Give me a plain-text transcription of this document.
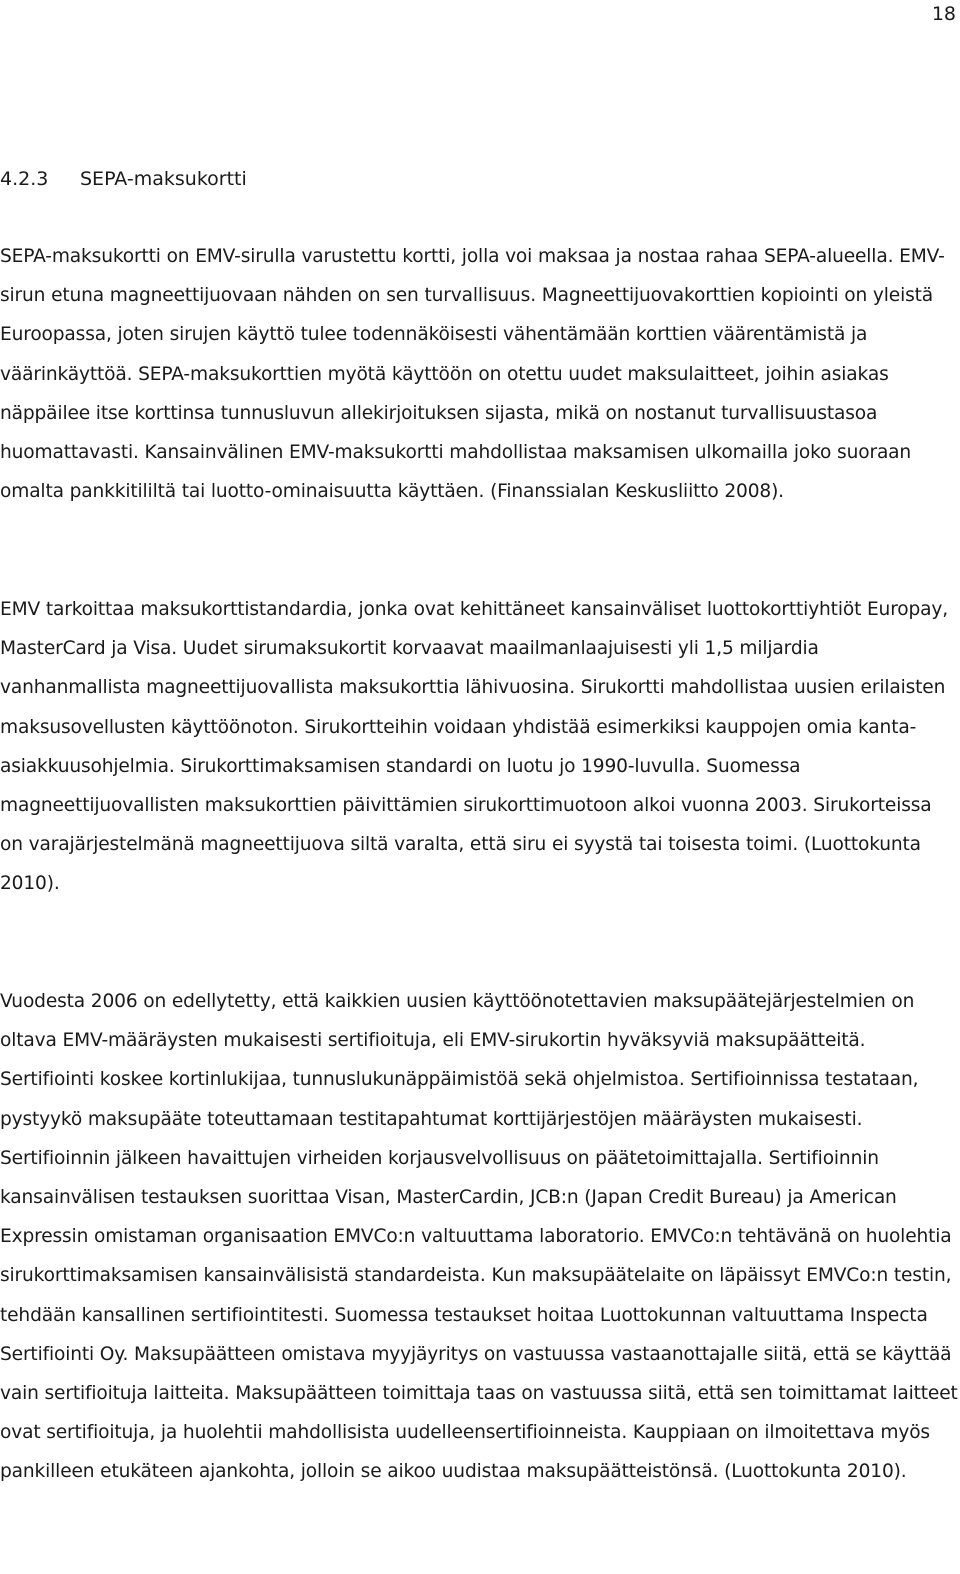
18
4.2.3 SEPA-maksukortti

SEPA-maksukortti on EMV-sirulla varustettu kortti, jolla voi maksaa ja nostaa rahaa SEPA-alueella. EMV-sirun etuna magneettijuovaan nähden on sen turvallisuus. Magneettijuovakorttien kopiointi on yleistä Euroopassa, joten sirujen käyttö tulee todennäköisesti vähentämään korttien väärentämistä ja väärinkäyttöä. SEPA-maksukorttien myötä käyttöön on otettu uudet maksulaitteet, joihin asiakas näppäilee itse korttinsa tunnusluvun allekirjoituksen sijasta, mikä on nostanut turvallisuustasoa huomattavasti. Kansainvälinen EMV-maksukortti mahdollistaa maksamisen ulkomailla joko suoraan omalta pankkitililtä tai luotto-ominaisuutta käyttäen. (Finanssialan Keskusliitto 2008).

EMV tarkoittaa maksukorttistandardia, jonka ovat kehittäneet kansainväliset luottokorttiyhtiöt Europay, MasterCard ja Visa. Uudet sirumaksukortit korvaavat maailmanlaajuisesti yli 1,5 miljardia vanhanmallista magneettijuovallista maksukorttia lähivuosina. Sirukortti mahdollistaa uusien erilaisten maksusovellusten käyttöönoton. Sirukortteihin voidaan yhdistää esimerkiksi kauppojen omia kanta-asiakkuusohjelmia. Sirukorttimaksamisen standardi on luotu jo 1990-luvulla. Suomessa magneettijuovallisten maksukorttien päivittämien sirukorttimuotoon alkoi vuonna 2003. Sirukorteissa on varajärjestelmänä magneettijuova siltä varalta, että siru ei syystä tai toisesta toimi. (Luottokunta 2010).

Vuodesta 2006 on edellytetty, että kaikkien uusien käyttöönotettavien maksupäätejärjestelmien on oltava EMV-määräysten mukaisesti sertifioituja, eli EMV-sirukortin hyväksyviä maksupäätteitä. Sertifiointi koskee kortinlukijaa, tunnuslukunäppäimistöä sekä ohjelmistoa. Sertifioinnissa testataan, pystyykö maksupääte toteuttamaan testitapahtumat korttijärjestöjen määräysten mukaisesti. Sertifioinnin jälkeen havaittujen virheiden korjausvelvollisuus on päätetoimittajalla. Sertifioinnin kansainvälisen testauksen suorittaa Visan, MasterCardin, JCB:n (Japan Credit Bureau) ja American Expressin omistaman organisaation EMVCo:n valtuuttama laboratorio. EMVCo:n tehtävänä on huolehtia sirukorttimaksamisen kansainvälisistä standardeista. Kun maksupäätelaite on läpäissyt EMVCo:n testin, tehdään kansallinen sertifiointitesti. Suomessa testaukset hoitaa Luottokunnan valtuuttama Inspecta Sertifiointi Oy. Maksupäätteen omistava myyjäyritys on vastuussa vastaanottajalle siitä, että se käyttää vain sertifioituja laitteita. Maksupäätteen toimittaja taas on vastuussa siitä, että sen toimittamat laitteet ovat sertifioituja, ja huolehtii mahdollisista uudelleensertifioinneista. Kauppiaan on ilmoitettava myös pankilleen etukäteen ajankohta, jolloin se aikoo uudistaa maksupäätteistönsä. (Luottokunta 2010).
